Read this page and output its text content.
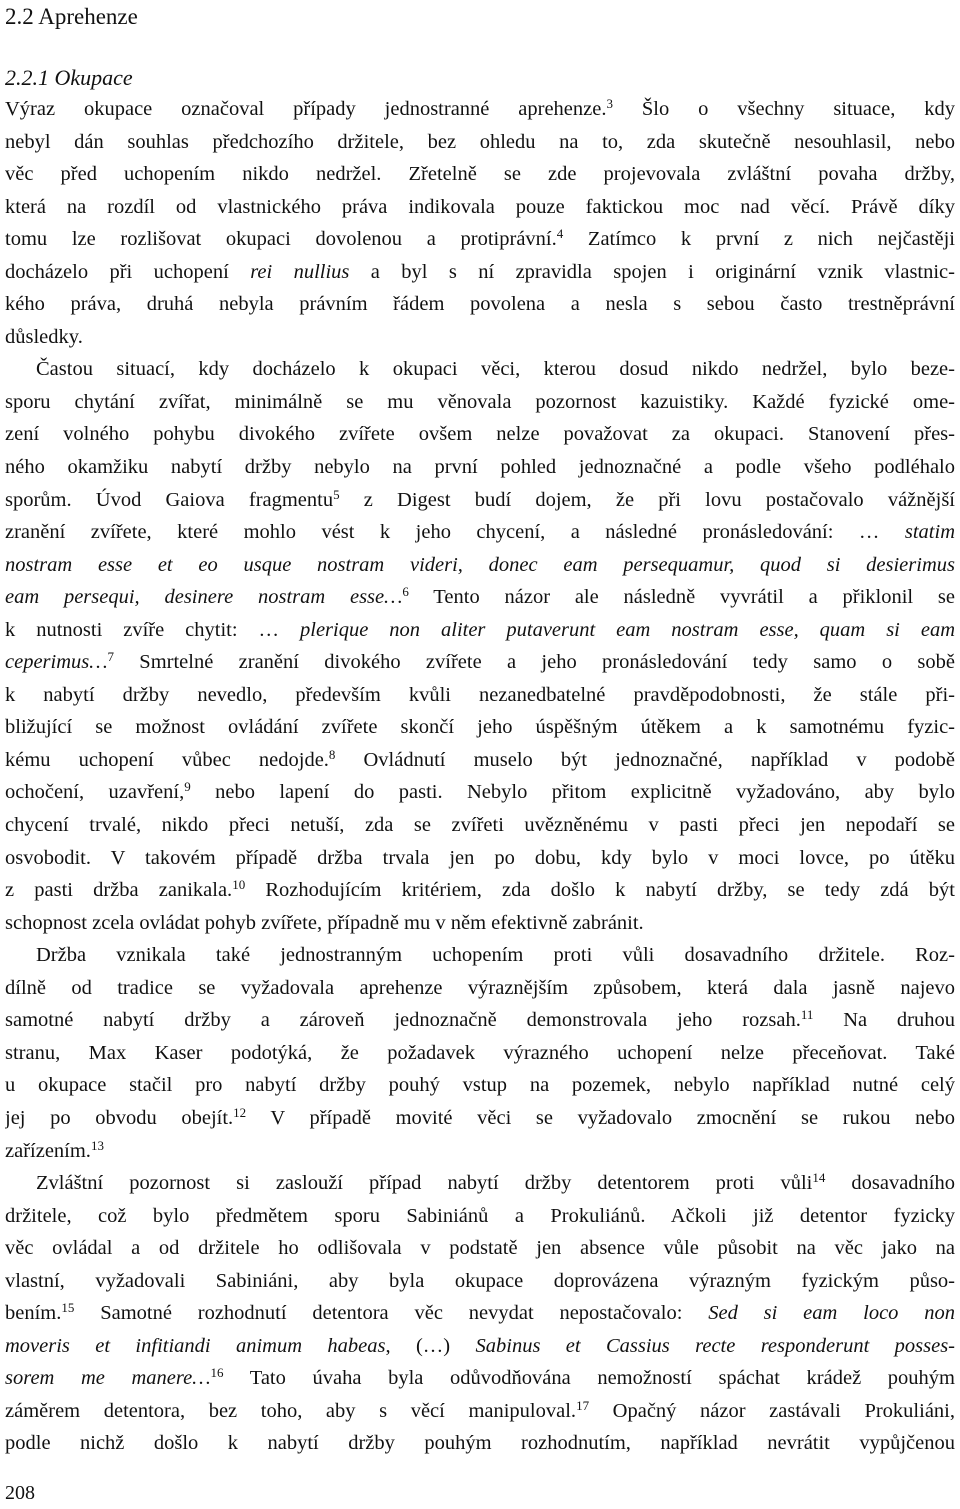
2.2 Aprehenze
2.2.1 Okupace
Výraz okupace označoval případy jednostranné aprehenze.$^3$ Šlo o všechny situace, kdy
nebyl dán souhlas předchozího držitele, bez ohledu na to, zda skutečně nesouhlasil, nebo
věc před uchopením nikdo nedržel. Zřetelně se zde projevovala zvláštní povaha držby,
která na rozdíl od vlastnického práva indikovala pouze faktickou moc nad věcí. Právě díky
tomu lze rozlišovat okupaci dovolenou a protiprávní.$^4$ Zatímco k první z nich nejčastěji
docházelo při uchopení rei nullius a byl s ní zpravidla spojen i originární vznik vlastnic-
kého práva, druhá nebyla právním řádem povolena a nesla s sebou často trestněprávní
důsledky.
Častou situací, kdy docházelo k okupaci věci, kterou dosud nikdo nedržel, bylo beze-
sporu chytání zvířat, minimálně se mu věnovala pozornost kazuistiky. Každé fyzické ome-
zení volného pohybu divokého zvířete ovšem nelze považovat za okupaci. Stanovení přes-
ného okamžiku nabytí držby nebylo na první pohled jednoznačné a podle všeho podléhalo
sporům. Úvod Gaiova fragmentu$^5$ z Digest budí dojem, že při lovu postačovalo vážnější
zranění zvířete, které mohlo vést k jeho chycení, a následné pronásledování: … statim
nostram esse et eo usque nostram videri, donec eam persequamur, quod si desierimus
eam persequi, desinere nostram esse…$^6$ Tento názor ale následně vyvrátil a přiklonil se
k nutnosti zvíře chytit: … plerique non aliter putaverunt eam nostram esse, quam si eam
ceperimus…$^7$ Smrtelné zranění divokého zvířete a jeho pronásledování tedy samo o sobě
k nabytí držby nevedlo, především kvůli nezanedbatelné pravděpodobnosti, že stále při-
bližující se možnost ovládání zvířete skončí jeho úspěšným útěkem a k samotnému fyzic-
kému uchopení vůbec nedojde.$^8$ Ovládnutí muselo být jednoznačné, například v podobě
ochočení, uzavření,$^9$ nebo lapení do pasti. Nebylo přitom explicitně vyžadováno, aby bylo
chycení trvalé, nikdo přeci netuší, zda se zvířeti uvězněnému v pasti přeci jen nepodaří se
osvobodit. V takovém případě držba trvala jen po dobu, kdy bylo v moci lovce, po útěku
z pasti držba zanikala.$^{10}$ Rozhodujícím kritériem, zda došlo k nabytí držby, se tedy zdá být
schopnost zcela ovládat pohyb zvířete, případně mu v něm efektivně zabránit.
Držba vznikala také jednostranným uchopením proti vůli dosavadního držitele. Roz-
dílně od tradice se vyžadovala aprehenze výraznějším způsobem, která dala jasně najevo
samotné nabytí držby a zároveň jednoznačně demonstrovala jeho rozsah.$^{11}$ Na druhou
stranu, Max Kaser podotýká, že požadavek výrazného uchopení nelze přeceňovat. Také
u okupace stačil pro nabytí držby pouhý vstup na pozemek, nebylo například nutné celý
jej po obvodu obejít.$^{12}$ V případě movité věci se vyžadovalo zmocnění se rukou nebo
zařízením.$^{13}$
Zvláštní pozornost si zaslouží případ nabytí držby detentorem proti vůli$^{14}$ dosavadního
držitele, což bylo předmětem sporu Sabiniánů a Prokuliánů. Ačkoli již detentor fyzicky
věc ovládal a od držitele ho odlišovala v podstatě jen absence vůle působit na věc jako na
vlastní, vyžadovali Sabiniáni, aby byla okupace doprovázena výrazným fyzickým půso-
bením.$^{15}$ Samotné rozhodnutí detentora věc nevydat nepostačovalo: Sed si eam loco non
moveris et infitiandi animum habeas, (…) Sabinus et Cassius recte responderunt posses-
sorem me manere…$^{16}$ Tato úvaha byla odůvodňována nemožností spáchat krádež pouhým
záměrem detentora, bez toho, aby s věcí manipuloval.$^{17}$ Opačný názor zastávali Prokuliáni,
podle nichž došlo k nabytí držby pouhým rozhodnutím, například nevrátit vypůjčenou
208
